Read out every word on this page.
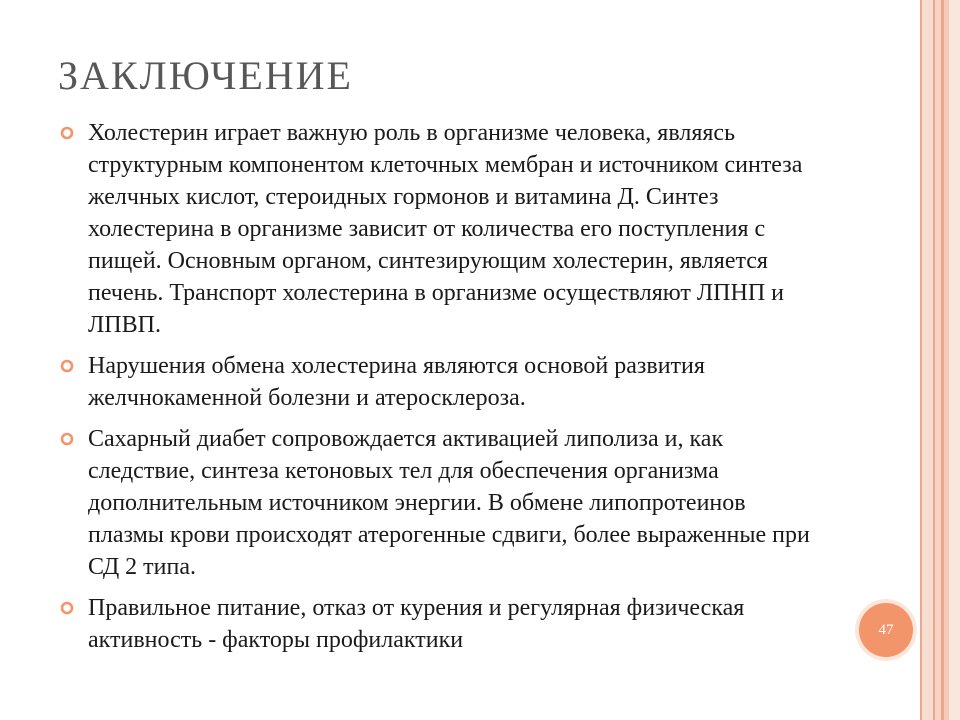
ЗАКЛЮЧЕНИЕ
Холестерин играет важную роль в организме человека, являясь структурным компонентом клеточных мембран и источником синтеза желчных кислот, стероидных гормонов и витамина Д. Синтез холестерина в организме зависит от количества его поступления с пищей. Основным органом, синтезирующим холестерин, является печень. Транспорт холестерина в организме осуществляют ЛПНП и ЛПВП.
Нарушения обмена холестерина являются основой развития желчнокаменной болезни и атеросклероза.
Сахарный диабет сопровождается активацией липолиза и, как следствие, синтеза кетоновых тел для обеспечения организма дополнительным источником энергии. В обмене липопротеинов плазмы крови происходят атерогенные сдвиги, более выраженные при СД 2 типа.
Правильное питание, отказ от курения и регулярная физическая активность - факторы профилактики	47
